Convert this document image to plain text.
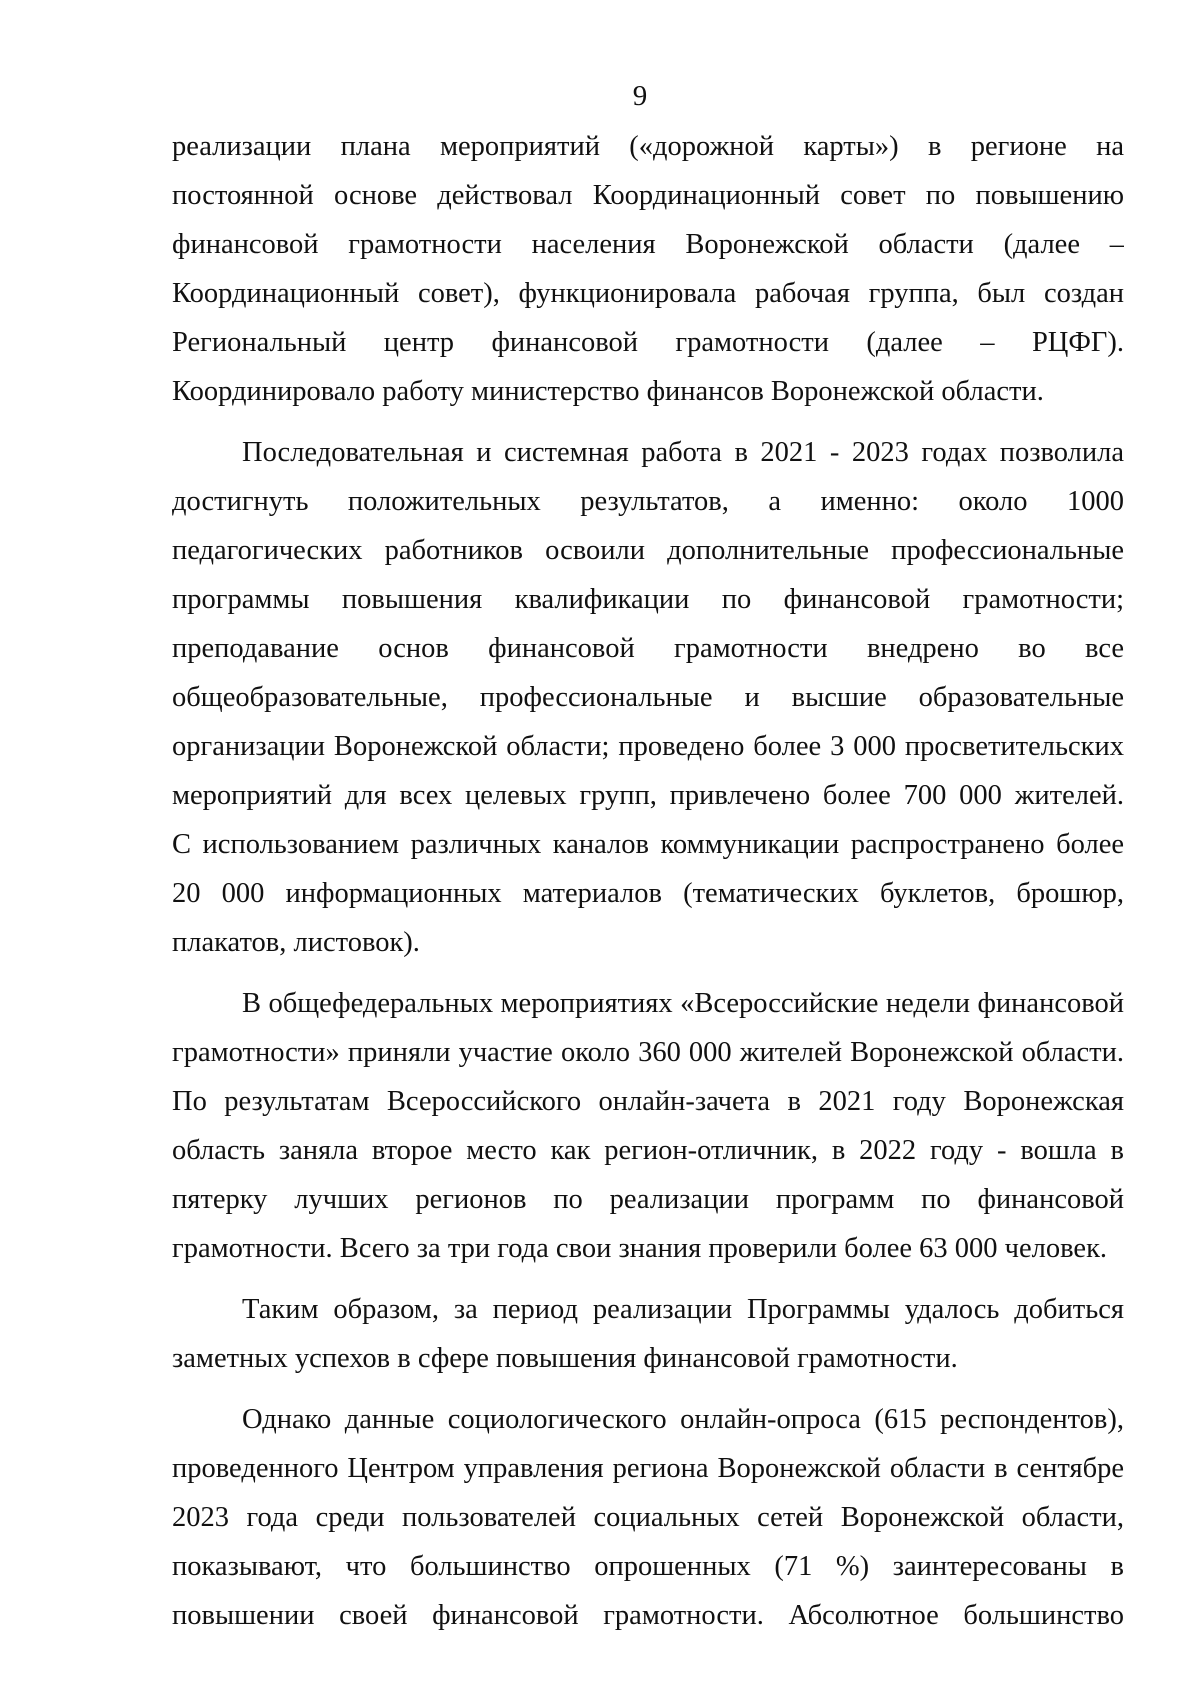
9
реализации плана мероприятий («дорожной карты») в регионе на
постоянной основе действовал Координационный совет по повышению
финансовой грамотности населения Воронежской области (далее –
Координационный совет), функционировала рабочая группа, был создан
Региональный центр финансовой грамотности (далее – РЦФГ).
Координировало работу министерство финансов Воронежской области.
Последовательная и системная работа в 2021 - 2023 годах позволила
достигнуть положительных результатов, а именно: около 1000
педагогических работников освоили дополнительные профессиональные
программы повышения квалификации по финансовой грамотности;
преподавание основ финансовой грамотности внедрено во все
общеобразовательные, профессиональные и высшие образовательные
организации Воронежской области; проведено более 3 000 просветительских
мероприятий для всех целевых групп, привлечено более 700 000 жителей.
С использованием различных каналов коммуникации распространено более
20 000 информационных материалов (тематических буклетов, брошюр,
плакатов, листовок).
В общефедеральных мероприятиях «Всероссийские недели финансовой
грамотности» приняли участие около 360 000 жителей Воронежской области.
По результатам Всероссийского онлайн-зачета в 2021 году Воронежская
область заняла второе место как регион-отличник, в 2022 году - вошла в
пятерку лучших регионов по реализации программ по финансовой
грамотности. Всего за три года свои знания проверили более 63 000 человек.
Таким образом, за период реализации Программы удалось добиться
заметных успехов в сфере повышения финансовой грамотности.
Однако данные социологического онлайн-опроса (615 респондентов),
проведенного Центром управления региона Воронежской области в сентябре
2023 года среди пользователей социальных сетей Воронежской области,
показывают, что большинство опрошенных (71 %) заинтересованы в
повышении своей финансовой грамотности. Абсолютное большинство
